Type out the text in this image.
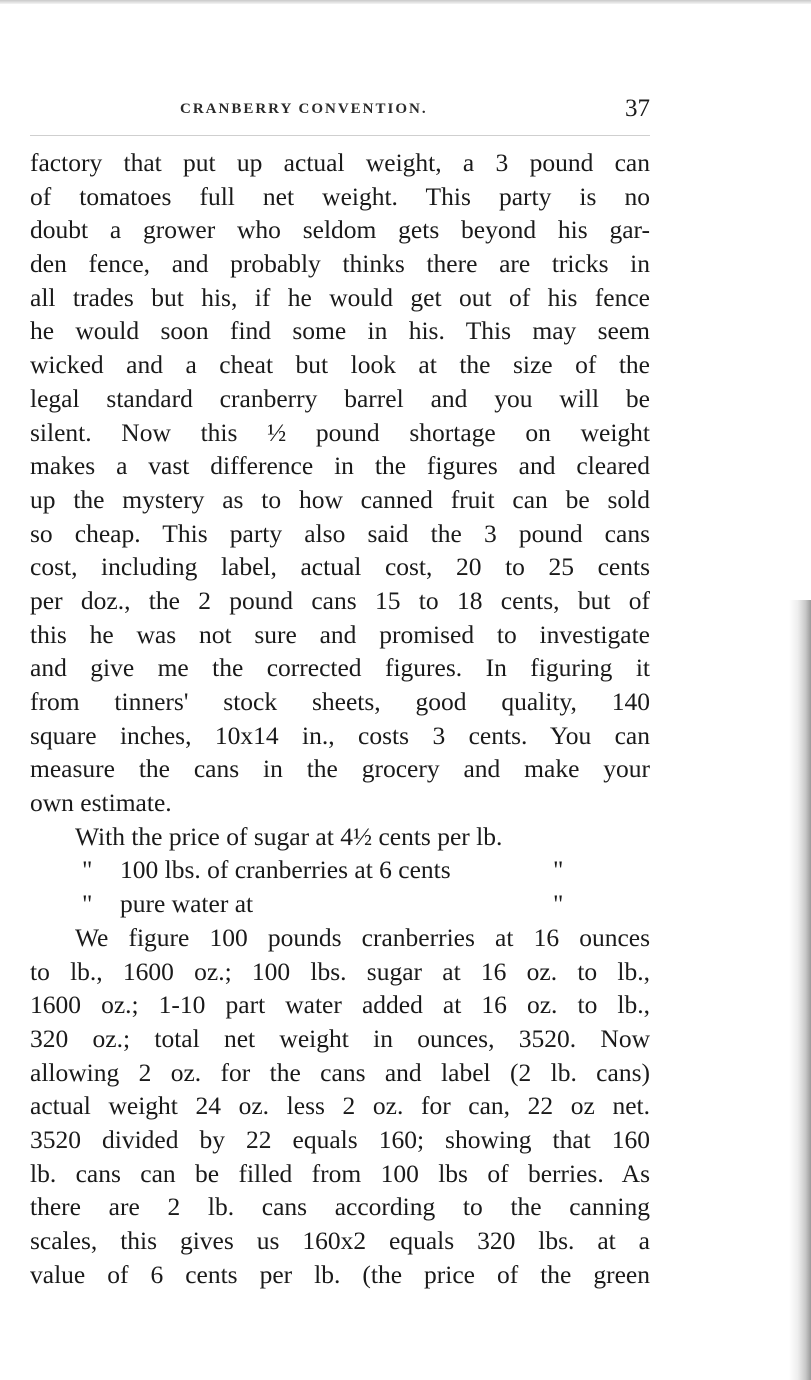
CRANBERRY CONVENTION.	37
factory that put up actual weight, a 3 pound can
of tomatoes full net weight. This party is no
doubt a grower who seldom gets beyond his gar-
den fence, and probably thinks there are tricks in
all trades but his, if he would get out of his fence
he would soon find some in his. This may seem
wicked and a cheat but look at the size of the
legal standard cranberry barrel and you will be
silent. Now this ½ pound shortage on weight
makes a vast difference in the figures and cleared
up the mystery as to how canned fruit can be sold
so cheap. This party also said the 3 pound cans
cost, including label, actual cost, 20 to 25 cents
per doz., the 2 pound cans 15 to 18 cents, but of
this he was not sure and promised to investigate
and give me the corrected figures. In figuring it
from tinners' stock sheets, good quality, 140
square inches, 10x14 in., costs 3 cents. You can
measure the cans in the grocery and make your
own estimate.
With the price of sugar at 4½ cents per lb.
" 100 lbs. of cranberries at 6 cents	"
" pure water at	"
We figure 100 pounds cranberries at 16 ounces
to lb., 1600 oz.; 100 lbs. sugar at 16 oz. to lb.,
1600 oz.; 1-10 part water added at 16 oz. to lb.,
320 oz.; total net weight in ounces, 3520. Now
allowing 2 oz. for the cans and label (2 lb. cans)
actual weight 24 oz. less 2 oz. for can, 22 oz net.
3520 divided by 22 equals 160; showing that 160
lb. cans can be filled from 100 lbs of berries. As
there are 2 lb. cans according to the canning
scales, this gives us 160x2 equals 320 lbs. at a
value of 6 cents per lb. (the price of the green
